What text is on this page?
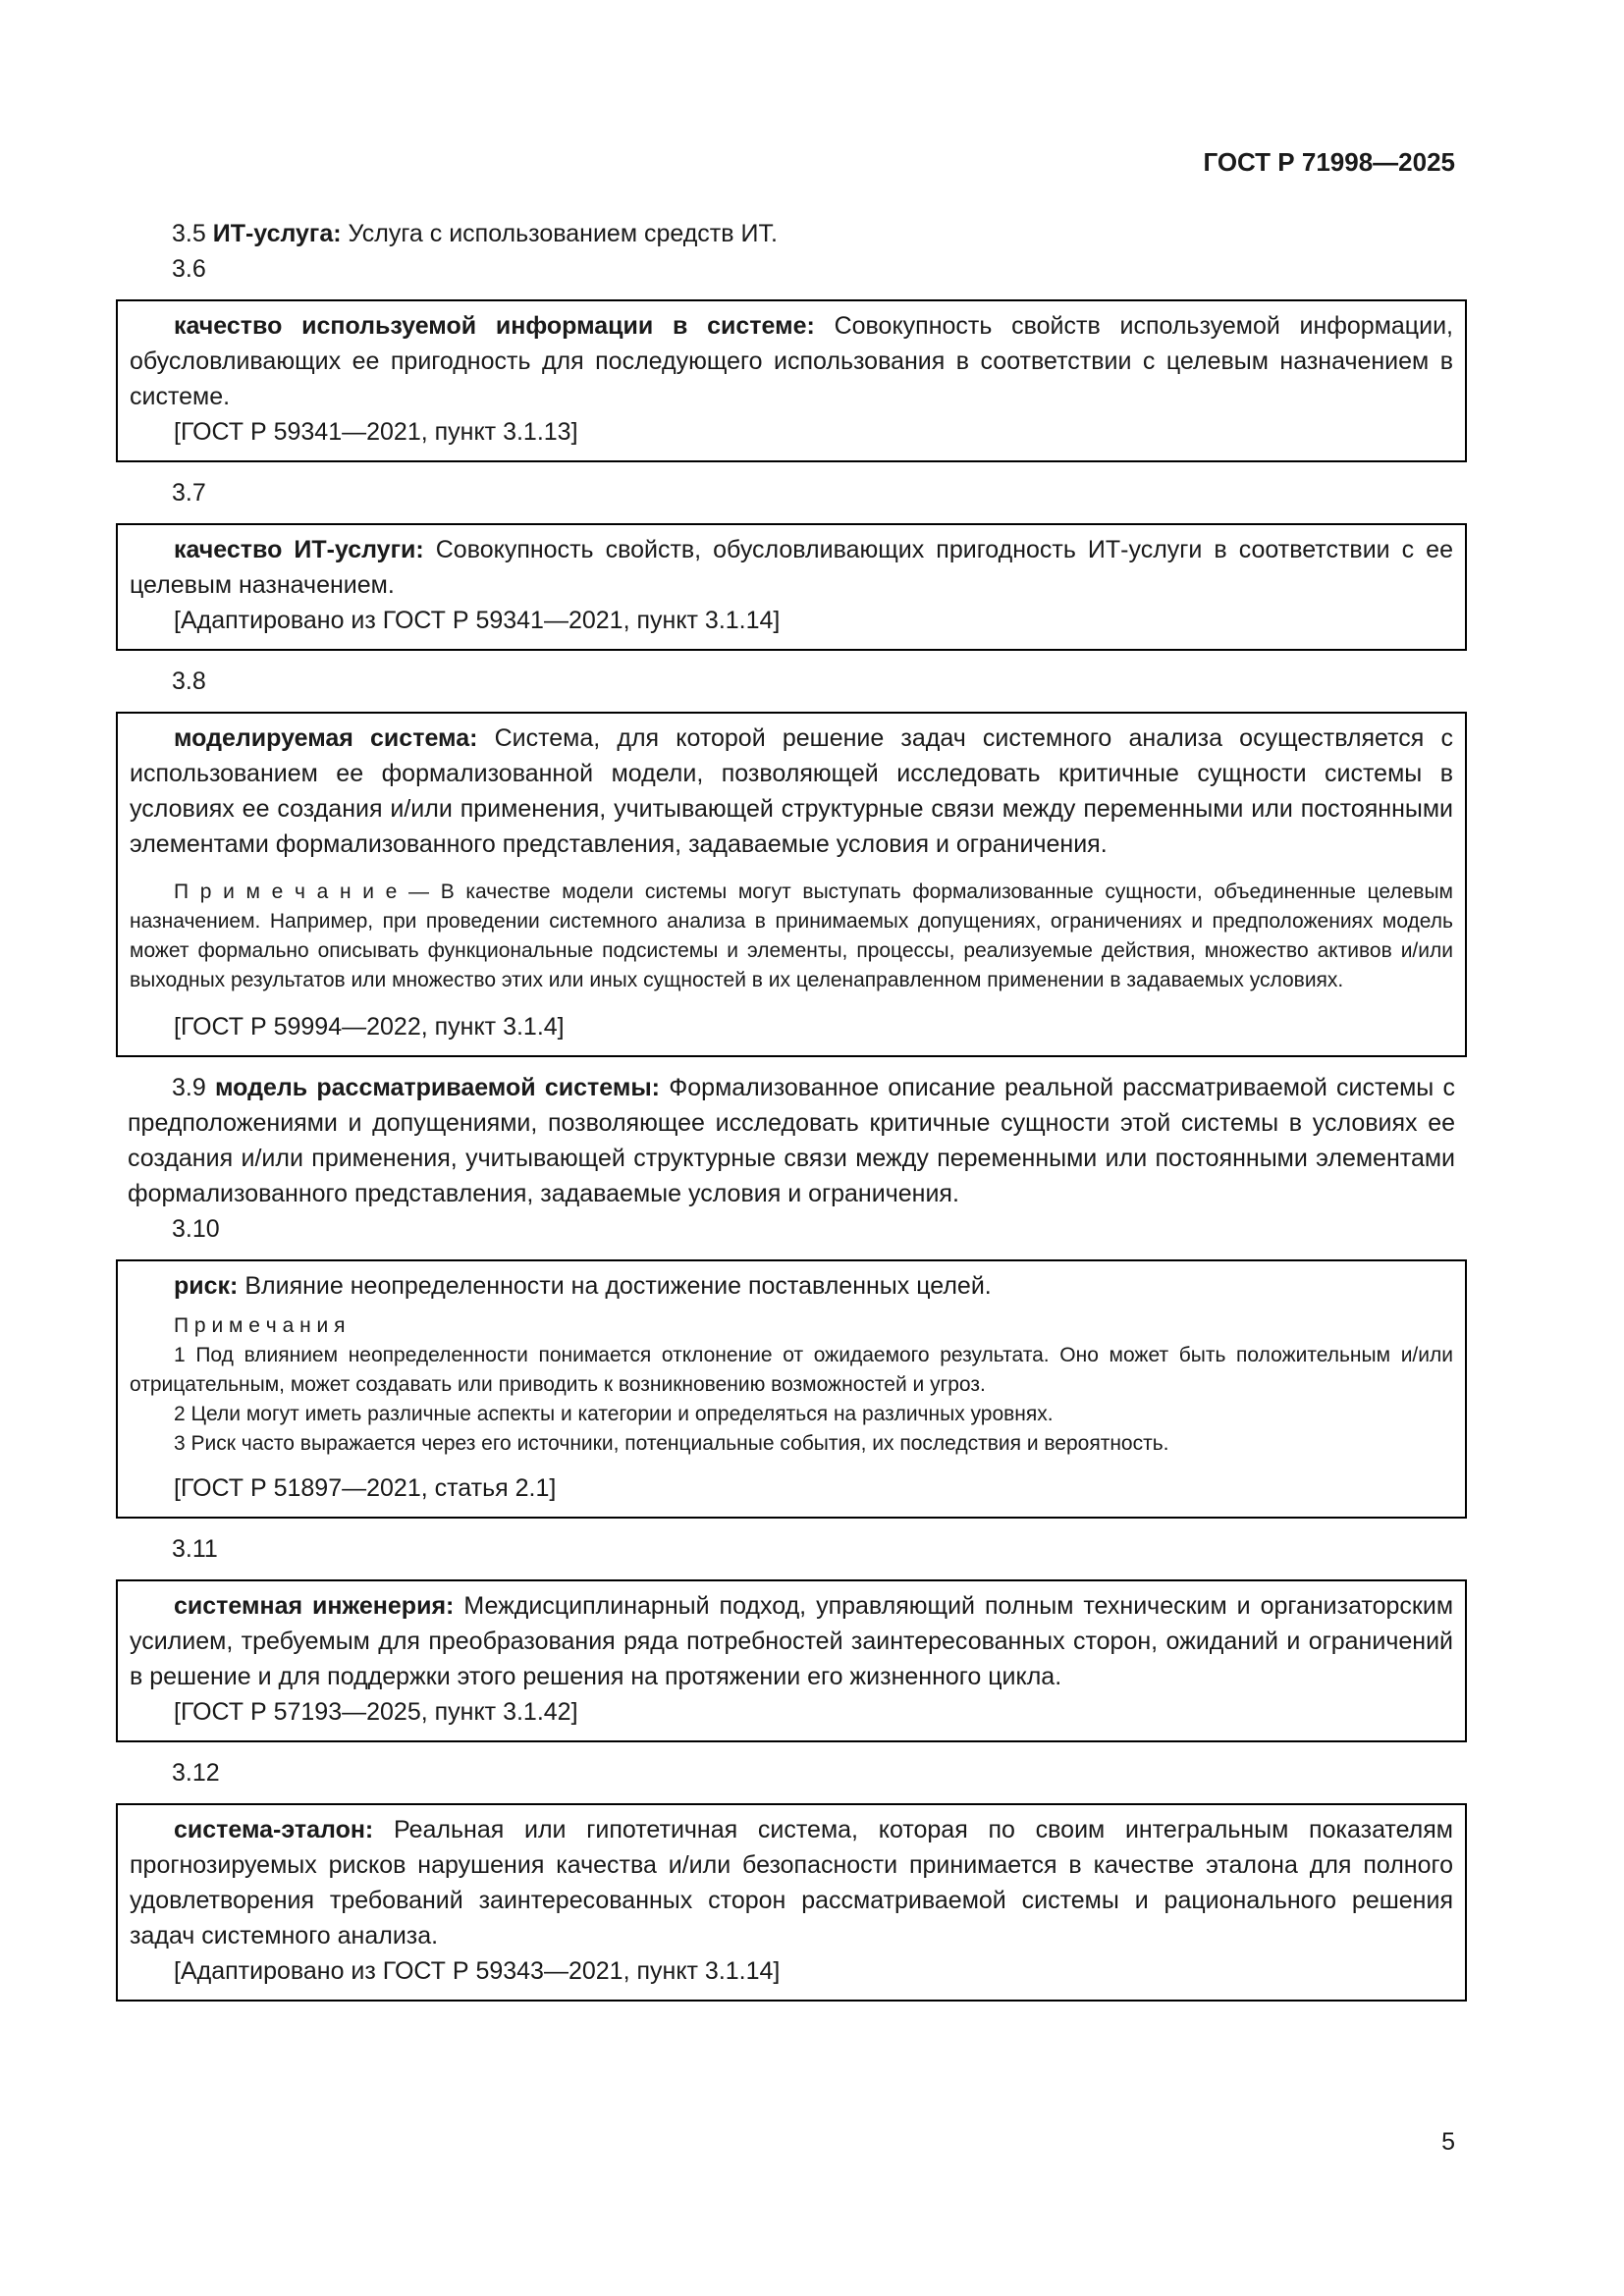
ГОСТ Р 71998—2025

3.5 ИТ-услуга: Услуга с использованием средств ИТ.

3.6

качество используемой информации в системе: Совокупность свойств используемой информации, обусловливающих ее пригодность для последующего использования в соответствии с целевым назначением в системе.

[ГОСТ Р 59341—2021, пункт 3.1.13]

3.7

качество ИТ-услуги: Совокупность свойств, обусловливающих пригодность ИТ-услуги в соответствии с ее целевым назначением.

[Адаптировано из ГОСТ Р 59341—2021, пункт 3.1.14]

3.8

моделируемая система: Система, для которой решение задач системного анализа осуществляется с использованием ее формализованной модели, позволяющей исследовать критичные сущности системы в условиях ее создания и/или применения, учитывающей структурные связи между переменными или постоянными элементами формализованного представления, задаваемые условия и ограничения.

П р и м е ч а н и е — В качестве модели системы могут выступать формализованные сущности, объединенные целевым назначением. Например, при проведении системного анализа в принимаемых допущениях, ограничениях и предположениях модель может формально описывать функциональные подсистемы и элементы, процессы, реализуемые действия, множество активов и/или выходных результатов или множество этих или иных сущностей в их целенаправленном применении в задаваемых условиях.

[ГОСТ Р 59994—2022, пункт 3.1.4]

3.9 модель рассматриваемой системы: Формализованное описание реальной рассматриваемой системы с предположениями и допущениями, позволяющее исследовать критичные сущности этой системы в условиях ее создания и/или применения, учитывающей структурные связи между переменными или постоянными элементами формализованного представления, задаваемые условия и ограничения.

3.10

риск: Влияние неопределенности на достижение поставленных целей.

П р и м е ч а н и я

1 Под влиянием неопределенности понимается отклонение от ожидаемого результата. Оно может быть положительным и/или отрицательным, может создавать или приводить к возникновению возможностей и угроз.

2 Цели могут иметь различные аспекты и категории и определяться на различных уровнях.

3 Риск часто выражается через его источники, потенциальные события, их последствия и вероятность.

[ГОСТ Р 51897—2021, статья 2.1]

3.11

системная инженерия: Междисциплинарный подход, управляющий полным техническим и организаторским усилием, требуемым для преобразования ряда потребностей заинтересованных сторон, ожиданий и ограничений в решение и для поддержки этого решения на протяжении его жизненного цикла.

[ГОСТ Р 57193—2025, пункт 3.1.42]

3.12

система-эталон: Реальная или гипотетичная система, которая по своим интегральным показателям прогнозируемых рисков нарушения качества и/или безопасности принимается в качестве эталона для полного удовлетворения требований заинтересованных сторон рассматриваемой системы и рационального решения задач системного анализа.

[Адаптировано из ГОСТ Р 59343—2021, пункт 3.1.14]

5
